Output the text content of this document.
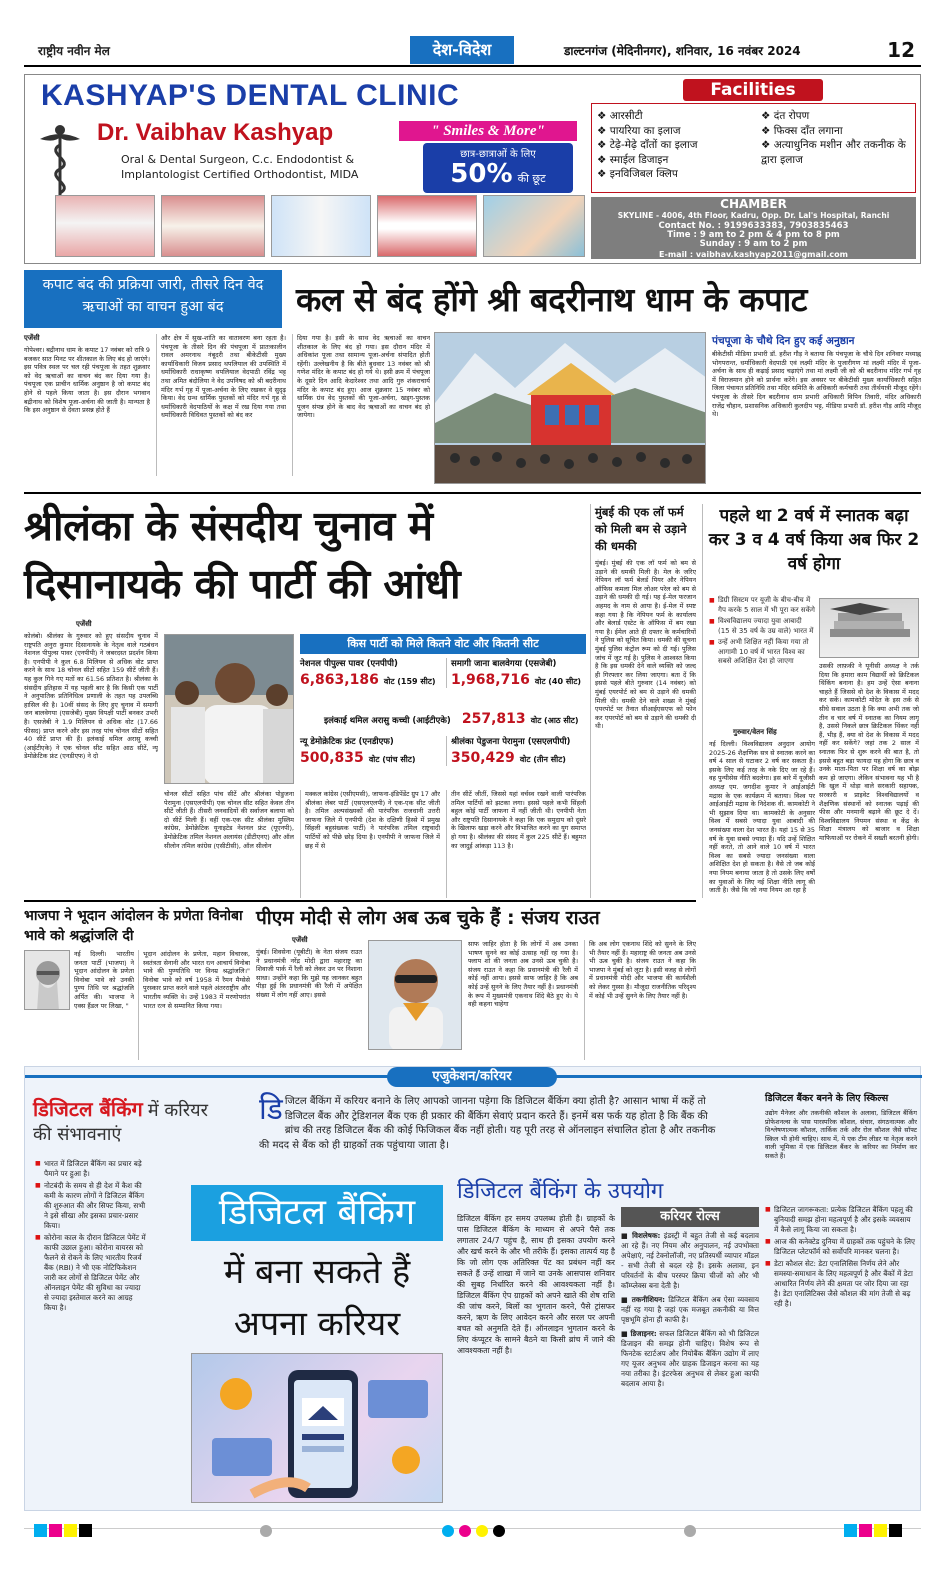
राष्ट्रीय नवीन मेल	देश-विदेश	डाल्टनगंज (मेदिनीनगर), शनिवार, 16 नवंबर 2024	12
KASHYAP'S DENTAL CLINIC
Dr. Vaibhav Kashyap	" Smiles & More"
Oral & Dental Surgeon, C.c. Endodontist &
Implantologist Certified Orthodontist, MIDA
छात्र-छात्राओं के लिए
50% की छूट
Facilities
❖ आरसीटी
❖ पायरिया का इलाज
❖ टेढ़े-मेढ़े दाँतों का इलाज
❖ स्माईल डिजाइन
❖ इनविजिबल क्लिप
❖ दंत रोपण
❖ फिक्स दाँत लगाना
❖ अत्याधुनिक मशीन और तकनीक के द्वारा इलाज
CHAMBER
SKYLINE - 4006, 4th Floor, Kadru, Opp. Dr. Lal's Hospital, Ranchi
Contact No. : 9199633383, 7903835463
Time : 9 am to 2 pm & 4 pm to 8 pm
Sunday : 9 am to 2 pm
E-mail : vaibhav.kashyap2011@gmail.com
कपाट बंद की प्रक्रिया जारी, तीसरे दिन वेद ऋचाओं का वाचन हुआ बंद	कल से बंद होंगे श्री बदरीनाथ धाम के कपाट
एजेंसी
गोपेश्वर। बद्रीनाथ धाम के कपाट 17 नवंबर को रात्रि 9 बजकर सात मिनट पर शीतकाल के लिए बंद हो जाएंगे। इस पवित्र स्थल पर चल रही पंचपूजा के तहत शुक्रवार को वेद ऋचाओं का वाचन बंद कर दिया गया है। पंचपूजा एक प्राचीन धार्मिक अनुष्ठान है जो कपाट बंद होने से पहले किया जाता है। इस दौरान भगवान बद्रीनाथ को विशेष पूजा-अर्चना की जाती है। मान्यता है कि इस अनुष्ठान से देवता प्रसन्न होते हैं
और क्षेत्र में सुख-शांति का वातावरण बना रहता है। पंचपूजा के तीसरे दिन की पंचपूजा में प्रातःकालीन रावल अमरनाथ नंबूदरी तथा बीकेटीसी मुख्य कार्याधिकारी विजय प्रसाद थपलियाल की उपस्थिति में धर्माधिकारी राधाकृष्ण थपलियाल वेदपाठी रविंद्र भट्ट तथा अमित बंदोलिया ने वेद उपनिषद को श्री बदरीनाथ मंदिर गर्भ गृह में पूजा-अर्चना के लिए रखकर वे सुदृढ़ किया। वेद ग्रन्थ धार्मिक पुस्तकों को मंदिर गर्भ गृह से धर्माधिकारी वेदपाठियों के कक्ष में रख दिया गया तथा धर्माधिकारी विधिवत पुस्तकों को बंद कर
दिया गया है। इसी के साथ वेद ऋचाओं का वाचन शीतकाल के लिए बंद हो गया। इस दौरान मंदिर में अधिकांश पूजा तथा सामान्य पूजा-अर्चना संपादित होती रहेंगी। उल्लेखनीय है कि बीते बुधवार 13 नवंबर को श्री गणेश मंदिर के कपाट बंद हो गये थे। इसी क्रम में पंचपूजा के दूसरे दिन आदि केदारेश्वर तथा आदि गुरु शंकराचार्य मंदिर के कपाट बंद हुए। आज शुक्रवार 15 नवंबर को धार्मिक ग्रंथ वेद पुस्तकों की पूजा-अर्चना, खड्ग-पुस्तक पूजन संपन्न होने के बाद वेद ऋचाओं का वाचन बंद हो जायेगा।
पंचपूजा के चौथे दिन हुए कई अनुष्ठान
बीकेटीसी मीडिया प्रभारी डॉ. हरीश गौड़ ने बताया कि पंचपूजा के चौथे दिन शनिवार मध्याह्न भोगपरान्त, धर्माधिकारी वेदपाठी एवं लक्ष्मी मंदिर के पुजारीगण मां लक्ष्मी मंदिर में पूजा-अर्चना के साथ ही कढ़ाई प्रसाद चढ़ाएंगे तथा मां लक्ष्मी जी को श्री बदरीनाथ मंदिर गर्भ गृह में विराजमान होने को प्रार्थना करेंगे। इस अवसर पर बीकेटीसी मुख्य कार्याधिकारी सहित जिला पंचायत प्रतिनिधि तथा मंदिर समिति के अधिकारी कर्मचारी तथा तीर्थयात्री मौजूद रहेंगे। पंचपूजा के तीसरे दिन बदरीनाथ धाम प्रभारी अधिकारी विपिन तिवारी, मंदिर अधिकारी राजेंद्र चौहान, प्रशासनिक अधिकारी कुलदीप भट्ट, मीडिया प्रभारी डॉ. हरीश गौड़ आदि मौजूद थे।
श्रीलंका के संसदीय चुनाव में
दिसानायके की पार्टी की आंधी
एजेंसी
कोलंबो। श्रीलंका के गुरुवार को हुए संसदीय चुनाव में राष्ट्रपति अनुरा कुमार दिसानायके के नेतृत्व वाले गठबंधन नेशनल पीपुल्स पावर (एनपीपी) ने जबरदस्त प्रदर्शन किया है। एनपीपी ने कुल 6.8 मिलियन से अधिक वोट प्राप्त करने के साथ 18 चोनल सीटों सहित 159 सीटें जीती हैं। यह कुल गिने गए मतों का 61.56 प्रतिशत है। श्रीलंका के संसदीय इतिहास में यह पहली बार है कि किसी एक पार्टी ने अनुपातिक प्रतिनिधित्व प्रणाली के तहत यह उपलब्धि हासिल की है। 10वीं संसद के लिए हुए चुनाव में समागी जन बालवेगया (एसजेबी) मुख्य विपक्षी पार्टी बनकर उभरी है। एसजेबी ने 1.9 मिलियन से अधिक वोट (17.66 फीसद) प्राप्त करने और इस तरह पांच चोनल सीटों सहित 40 सीटें प्राप्त की हैं। इलंकाई थमिल अरासु कच्ची (आईटीएके) ने एक चोनल सीट सहित आठ सीटें, न्यू डेमोक्रेटिक फ्रंट (एनडीएफ) ने दो
किस पार्टी को मिले कितने वोट और कितनी सीट
नेशनल पीपुल्स पावर (एनपीपी)
6,863,186 वोट (159 सीट)
समागी जाना बालवेगया (एसजेबी)
1,968,716 वोट (40 सीट)
इलंकाई थमिल अरासु कच्ची (आईटीएके) 257,813 वोट (आठ सीट)
न्यू डेमोक्रेटिक फ्रंट (एनडीएफ)
500,835 वोट (पांच सीट)
श्रीलंका पेडुजना पेरामुना (एसएलपीपी)
350,429 वोट (तीन सीट)
चोनल सीटों सहित पांच सीटें और श्रीलंका पोडुजना पेरामुना (एसएलपीपी) एक चोनल सीट सहित केवल तीन सीटें जीती हैं। तीसरी जनवादियों की सर्वाजन बलाया को दो सीटें मिली हैं। वहीं एक-एक सीट श्रीलंका मुस्लिम कांग्रेस, डेमोक्रेटिक यूनाइटेड नेशनल फ्रंट (यूएनपी), डेमोक्रेटिक तमिल नेशनल अलायंस (डीटीएनए) और ऑल सीलोन तमिल कांग्रेस (एसीटीसी), ऑल सीलोन
मक्कल कांग्रेस (एसीएमसी), जाफना-इंडिपेंडेंट ग्रुप 17 और श्रीलंका लेबर पार्टी (एसएलएलपी) ने एक-एक सीट जीती है। तमिल अल्पसंख्यकों की पारंपरिक राजधानी उत्तरी जाफना जिले में एनपीपी (देश के दक्षिणी हिस्से में प्रमुख सिंहली बहुसंख्यक पार्टी) ने पारंपरिक तमिल राष्ट्रवादी पार्टियों को पीछे छोड़ दिया है। एनपीपी ने जाफना जिले में छह में से
तीन सीटें जीतीं, जिससे यहां वर्चस्व रखने वाली पारंपरिक तमिल पार्टियों को झटका लगा। इससे पहले कभी सिंहली बहुल कोई पार्टी जाफना में नहीं जीती थी। एनपीपी नेता और राष्ट्रपति दिसानायके ने कहा कि एक समुदाय को दूसरे के खिलाफ खड़ा करने और विभाजित करने का युग समाप्त हो गया है। श्रीलंका की संसद में कुल 225 सीटें हैं। बहुमत का जादुई आंकड़ा 113 है।
मुंबई की एक लॉ फर्म को मिली बम से उड़ाने की धमकी
मुंबई। मुंबई की एक लॉ फर्म को बम से उड़ाने की धमकी मिली है। मेल के जरिए नेपियन लॉ फर्म बेलर्ड पियर और नेपियन ऑफिस कमला मिल लोअर परेल को बम से उड़ाने की धमकी दी गई। यह ई-मेल फरजान अहमद के नाम से आया है। ई-मेल में स्पष्ट कहा गया है कि नेपियन फर्म के कार्यालय और बेलार्ड एस्टेट के ऑफिस में बम रखा गया है। ईमेल आते ही दफ्तर के कर्मचारियों ने पुलिस को सूचित किया। धमकी की सूचना मुंबई पुलिस कंट्रोल रूम को दी गई। पुलिस जांच में जुट गई है। पुलिस ने आश्वस्त किया है कि इस धमकी देने वाले व्यक्ति को जल्द ही गिरफ्तार कर लिया जाएगा। बता दें कि इससे पहले बीते गुरुवार (14 नवंबर) को मुंबई एयरपोर्ट को बम से उड़ाने की धमकी मिली थी। धमकी देने वाले शख्स ने मुंबई एयरपोर्ट पर तैनात सीआईएसएफ को फोन कर एयरपोर्ट को बम से उड़ाने की धमकी दी थी।
पहले था 2 वर्ष में स्नातक बढ़ा कर 3 व 4 वर्ष किया अब फिर 2 वर्ष होगा
■ डिग्री सिस्टम पर यूजी के बीच-बीच में गैप करके 5 साल में भी पूरा कर सकेंगे
■ विश्वविद्यालय ज्यादा युवा आबादी (15 से 35 वर्ष के उम्र वाले) भारत में
■ उन्हें अभी शिक्षित नहीं किया गया तो आगामी 10 वर्ष में भारत विश्व का सबसे अशिक्षित देश हो जाएगा
गुरुवार/वेतन सिंह
नई दिल्ली। विश्वविद्यालय अनुदान आयोग 2025-26 शैक्षणिक सत्र से स्नातक करने का वर्ष 4 साल से घटाकर 2 वर्ष कर सकता है। इसके लिए कई तरह के नके दिए जा रहे हैं। वह पुन्यीसेस नीति बदलेगा। इस बारे में यूजीसी अध्यक्ष एम. जगदीश कुमार ने आईआईटी मद्रास के एक कार्यक्रम में बताया। विश्व पर आईआईटी मद्रास के निदेशक वी. कामकोटी ने भी सुझाव दिया था। कामकोटी के अनुसार विश्व में सबसे ज्यादा युवा आबादी की जनसंख्या वाला देश भारत है। यहां 15 से 35 वर्ष के युवा सबसे ज्यादा हैं। यदि उन्हें शिक्षित नहीं करते, तो आने वाले 10 वर्ष में भारत विश्व का सबसे ज्यादा जनसंख्या वाला अशिक्षित देश हो सकता है। वैसे तो जब कोई नया नियम बनाया जाता है तो उसके लिए वर्षों का युवाओं के लिए नई शिक्षा नीति लागू की जाती है। जैसे कि जो नया नियम आ रहा है
उसकी लाफ़की ने यूनीसी अध्यक्ष ने तर्क दिया कि हमारा काम विद्यार्थी को क्रिटिकल थिंकिंग बनाना है। हम उन्हें ऐसा बनाना चाहते हैं जिससे वो देश के विकास में मदद कर सकें। कामकोटी मोदेत के इस तर्क से सीधे सवाल उठता है कि क्या अभी तक जो तीन व चार वर्ष में स्नातक का नियम लागू है, उससे निकले छात्र क्रिटिकल थिंकर नहीं हैं, भीड़ हैं, क्या वो देश के विकास में मदद नहीं कर सकेंगे? जहां तक 2 साल में स्नातक फिर से शुरू करने की बात है, तो इससे बहुत बड़ा फायदा यह होगा कि छात्र व उनके माता-पिता पर शिक्षा वर्ष का बोझ कम हो जाएगा। लेकिन संभावना यह भी है कि खुल में थोड़ा वाले सरकारी सहायक, सरकारी व प्राइवेट विश्वविद्यालयों व शैक्षणिक संस्थानों को स्नातक पढ़ाई की फीस और मनमानी बढ़ाने की छूट दे दें। विश्वविद्यालय नियमन संस्था व केंद्र के शिक्षा मंत्रालय को बाजार व शिक्षा माफियाओं पर रोकने में सख्ती बरतनी होगी।
भाजपा ने भूदान आंदोलन के प्रणेता विनोबा भावे को श्रद्धांजलि दी
नई दिल्ली। भारतीय जनता पार्टी (भाजपा) ने भूदान आंदोलन के प्रणेता विनोबा भावे को उनकी पुण्य तिथि पर श्रद्धांजलि अर्पित की। भाजपा ने एक्स हैंडल पर लिखा, "
भूदान आंदोलन के प्रणेता, महान विचारक, स्वतंत्रता सेनानी और भारत रत्न आचार्य विनोबा भावे की पुण्यतिथि पर विनम्र श्रद्धांजलि।" विनोबा भावे को वर्ष 1958 में रैमन मैग्सेसे पुरस्कार प्राप्त करने वाले पहले अंतरराष्ट्रीय और भारतीय व्यक्ति थे। उन्हें 1983 में मरणोपरांत भारत रत्न से सम्मानित किया गया।
पीएम मोदी से लोग अब ऊब चुके हैं : संजय राउत
एजेंसी
मुंबई। शिवसेना (यूबीटी) के नेता संजय राउत ने प्रधानमंत्री नरेंद्र मोदी द्वारा महाराष्ट्र का शिवाजी पार्क में रैली को लेकर उन पर निशाना साधा। उन्होंने कहा कि मुझे यह जानकर बहुत पीड़ा हुई कि प्रधानमंत्री की रैली में अपेक्षित संख्या में लोग नहीं आए। इससे
साफ जाहिर होता है कि लोगों में अब उनका भाषण सुनने का कोई उत्साह नहीं रह गया है। फ्लाप शो की जनता अब उनसे ऊब चुकी है। संजय राउत ने कहा कि प्रधानमंत्री की रैली में कोई नहीं आया। इससे साफ जाहिर है कि अब कोई उन्हें सुनने के लिए तैयार नहीं है। प्रधानमंत्री के रूप में मुख्यमंत्री एकनाथ शिंदे बैठे हुए थे। ये वही कहना चाहेगा
कि अब लोग एकनाथ शिंदे को सुनने के लिए भी तैयार नहीं हैं। महाराष्ट्र की जनता अब उनसे भी ऊब चुकी है। संजय राउत ने कहा कि भाजपा ने मुंबई को लूटा है। इसी वजह से लोगों में प्रधानमंत्री मोदी और भाजपा की कार्यशैली को लेकर गुस्सा है। मौजूदा राजनीतिक परिदृश्य में कोई भी उन्हें सुनने के लिए तैयार नहीं है।
एजुकेशन/करियर
डिजिटल बैंकिंग में करियर की संभावनाएं
■ भारत में डिजिटल बैंकिंग का प्रचार बड़े पैमाने पर हुआ है।
■ नोटबंदी के समय से ही देश में कैश की कमी के कारण लोगों ने डिजिटल बैंकिंग की शुरुआत की और सिफ्ट किया, सभी ने इसे सीखा और इसका प्रचार-प्रसार किया।
■ कोरोना काल के दौरान डिजिटल पेमेंट में काफी उछाल हुआ। कोरोना वायरस को फैलने से रोकने के लिए भारतीय रिजर्व बैंक (RBI) ने भी एक नोटिफिकेशन जारी कर लोगों से डिजिटल पेमेंट और ऑनलाइन पेमेंट की सुविधा का ज्यादा से ज्यादा इस्तेमाल करने का आग्रह किया है।
डिजिटल बैंकिंग में करियर बनाने के लिए आपको जानना पड़ेगा कि डिजिटल बैंकिंग क्या होती है? आसान भाषा में कहें तो डिजिटल बैंक और ट्रेडिशनल बैंक एक ही प्रकार की बैंकिंग सेवाएं प्रदान करते हैं। इनमें बस फर्क यह होता है कि बैंक की ब्रांच की तरह डिजिटल बैंक की कोई फिजिकल बैंक नहीं होती। यह पूरी तरह से ऑनलाइन संचालित होता है और तकनीक की मदद से बैंक को ही ग्राहकों तक पहुंचाया जाता है।
डिजिटल बैंकिंग
में बना सकते हैं
अपना करियर
डिजिटल बैंकिंग के उपयोग
डिजिटल बैंकिंग हर समय उपलब्ध होती है। ग्राहकों के पास डिजिटल बैंकिंग के माध्यम से अपने पैसे तक लगातार 24/7 पहुंच है, साथ ही इसका उपयोग करने और खर्च करने के और भी तरीके हैं। इसका तात्पर्य यह है कि जो लोग एक अतिरिक्त पेंट का प्रबंधन नहीं कर सकते हैं उन्हें शाखा में जाने या उनके आसपास शनिवार की सुबह निर्धारित करने की आवश्यकता नहीं है। डिजिटल बैंकिंग ऐप ग्राहकों को अपने खाते की शेष राशि की जांच करने, बिलों का भुगतान करने, पैसे ट्रांसफर करने, ऋण के लिए आवेदन करने और सरल पर अपनी बचत को अनुमति देते हैं। ऑनलाइन भुगतान करने के लिए कंप्यूटर के सामने बैठने या किसी ब्रांच में जाने की आवश्यकता नहीं है।
करियर रोल्स
■ विशलेषक: इंडस्ट्री में बहुत तेजी से कई बदलाव आ रहे हैं। नए नियम और अनुपालन, नई उपभोक्ता अपेक्षाएं, नई टेक्नोलॉजी, नए प्रतिस्पर्धी व्यापार मॉडल - सभी तेजी से बदल रहे हैं। इसके अलावा, इन परिवर्तनों के बीच परस्पर क्रिया चीजों को और भी कॉम्प्लेक्स बना देती है।
■ तकनीशियन: डिजिटल बैंकिंग अब ऐसा व्यवसाय नहीं रह गया है जहां एक मजबूत तकनीकी या वित्त पृष्ठभूमि होना ही काफी है।
■ डिजाइनर: सफल डिजिटल बैंकिंग को भी डिजिटल डिजाइन की समझ होनी चाहिए। विशेष रूप से फिनटेक स्टार्टअप और नियोबैंक बैंकिंग उद्योग में लाए गए यूजर अनुभव और ग्राहक डिजाइन करना का यह नया तरीका है। इंटरफेस अनुभव से लेकर हुआ काफी बदलाव आया है।
डिजिटल बैंकर बनने के लिए स्किल्स
उद्योग मैनेजर और तकनीकी कौशल के अलावा, डिजिटल बैंकिंग प्रोफेशनल्स के पास पारस्परिक कौशल, संचार, संगठनात्मक और विश्लेषणात्मक कौशल, तार्किक तर्क और रोल कौशल जैसे सॉफ्ट स्किल भी होनी चाहिए। साथ में, ये एक टीम लीडर या नेतृत्व करने वाली भूमिका में एक डिजिटल बैंकर के करियर का निर्माण कर सकते हैं।
■ डिजिटल जागरूकता: प्रत्येक डिजिटल बैंकिंग पहलू की बुनियादी समझ होना महत्वपूर्ण है और इसके व्यवसाय में कैसे लागू किया जा सकता है।
■ आज की कनेक्टेड दुनिया में ग्राहकों तक पहुंचने के लिए डिजिटल प्लेटफॉर्म को सर्वोपरि मानकर चलना है।
■ डेटा कौशल सेट: डेटा एनालिसिस निर्णय लेने और समस्या-समाधान के लिए महत्वपूर्ण है और बैंकों में डेटा आधारित निर्णय लेने की क्षमता पर जोर दिया जा रहा है। डेटा एनालिटिक्स जैसे कौशल की मांग तेजी से बढ़ रही है।
